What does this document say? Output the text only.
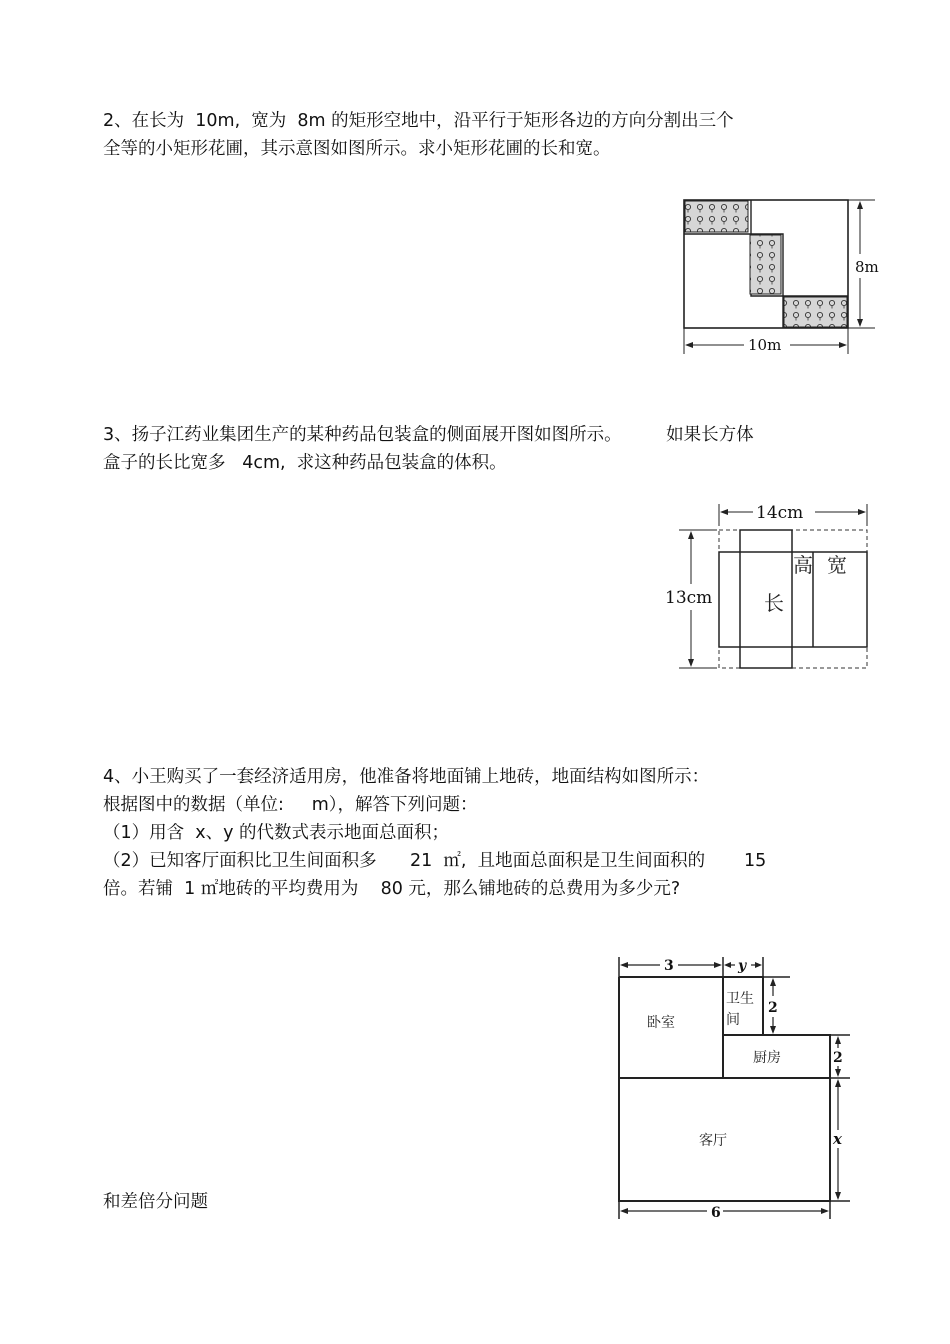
2、在长为  10m,  宽为  8m 的矩形空地中，沿平行于矩形各边的方向分割出三个
全等的小矩形花圃，其示意图如图所示。求小矩形花圃的长和宽。
8m
10m
3、扬子江药业集团生产的某种药品包装盒的侧面展开图如图所示。        如果长方体
盒子的长比宽多   4cm,  求这种药品包装盒的体积。
长
高 宽
14cm
13cm
4、小王购买了一套经济适用房，他准备将地面铺上地砖，地面结构如图所示：
根据图中的数据（单位:     m），解答下列问题：
（1）用含  x、y 的代数式表示地面总面积；
（2）已知客厅面积比卫生间面积多      21  ㎡,  且地面总面积是卫生间面积的       15
倍。若铺  1 ㎡地砖的平均费用为    80 元，那么铺地砖的总费用为多少元?
卧室
卫生
间
厨房
客厅
3	y
2
2
x
6
和差倍分问题
